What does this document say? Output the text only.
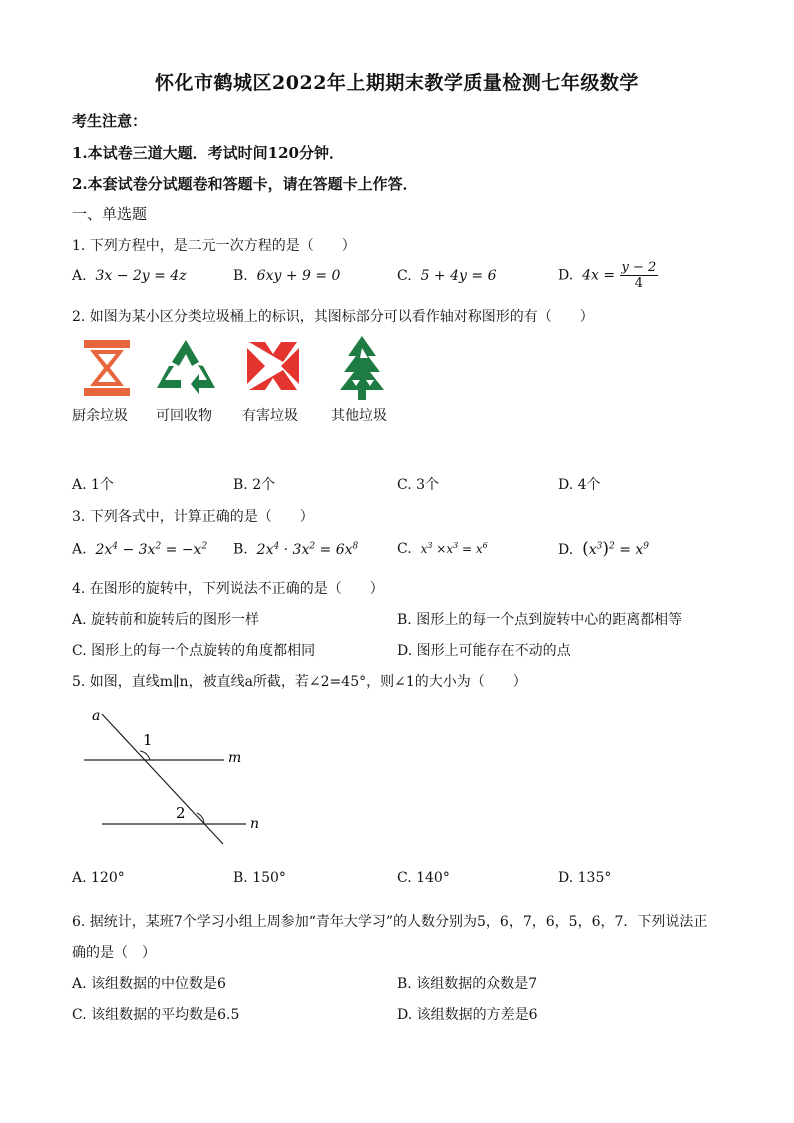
怀化市鹤城区2022年上期期末教学质量检测七年级数学
考生注意：
1.本试卷三道大题．考试时间120分钟．
2.本套试卷分试题卷和答题卡，请在答题卡上作答．
一、单选题
1. 下列方程中，是二元一次方程的是（　　）
A. 3x − 2y = 4z	B. 6xy + 9 = 0	C. 5 + 4y = 6	D. $4x = \frac{y - 2}{4}$
2. 如图为某小区分类垃圾桶上的标识，其图标部分可以看作轴对称图形的有（　　）
厨余垃圾 可回收物 有害垃圾 其他垃圾
A. 1个	B. 2个	C. 3个	D. 4个
3. 下列各式中，计算正确的是（　　）
A. $2x^4 - 3x^2 = -x^2$ B. $2x^4 \cdot 3x^2 = 6x^8$	C. $x^3 \times x^3 = x^6$	D. $(x^3)^2 = x^9$
4. 在图形的旋转中，下列说法不正确的是（　　）
A. 旋转前和旋转后的图形一样	B. 图形上的每一个点到旋转中心的距离都相等
C. 图形上的每一个点旋转的角度都相同	D. 图形上可能存在不动的点
5. 如图，直线m∥n，被直线a所截，若∠2=45°，则∠1的大小为（　　）
a
m
n
1
2
A. 120°	B. 150°	C. 140°	D. 135°
6. 据统计，某班7个学习小组上周参加“青年大学习”的人数分别为5，6，7，6，5，6，7．下列说法正
确的是（　）
A. 该组数据的中位数是6	B. 该组数据的众数是7
C. 该组数据的平均数是6.5	D. 该组数据的方差是6
